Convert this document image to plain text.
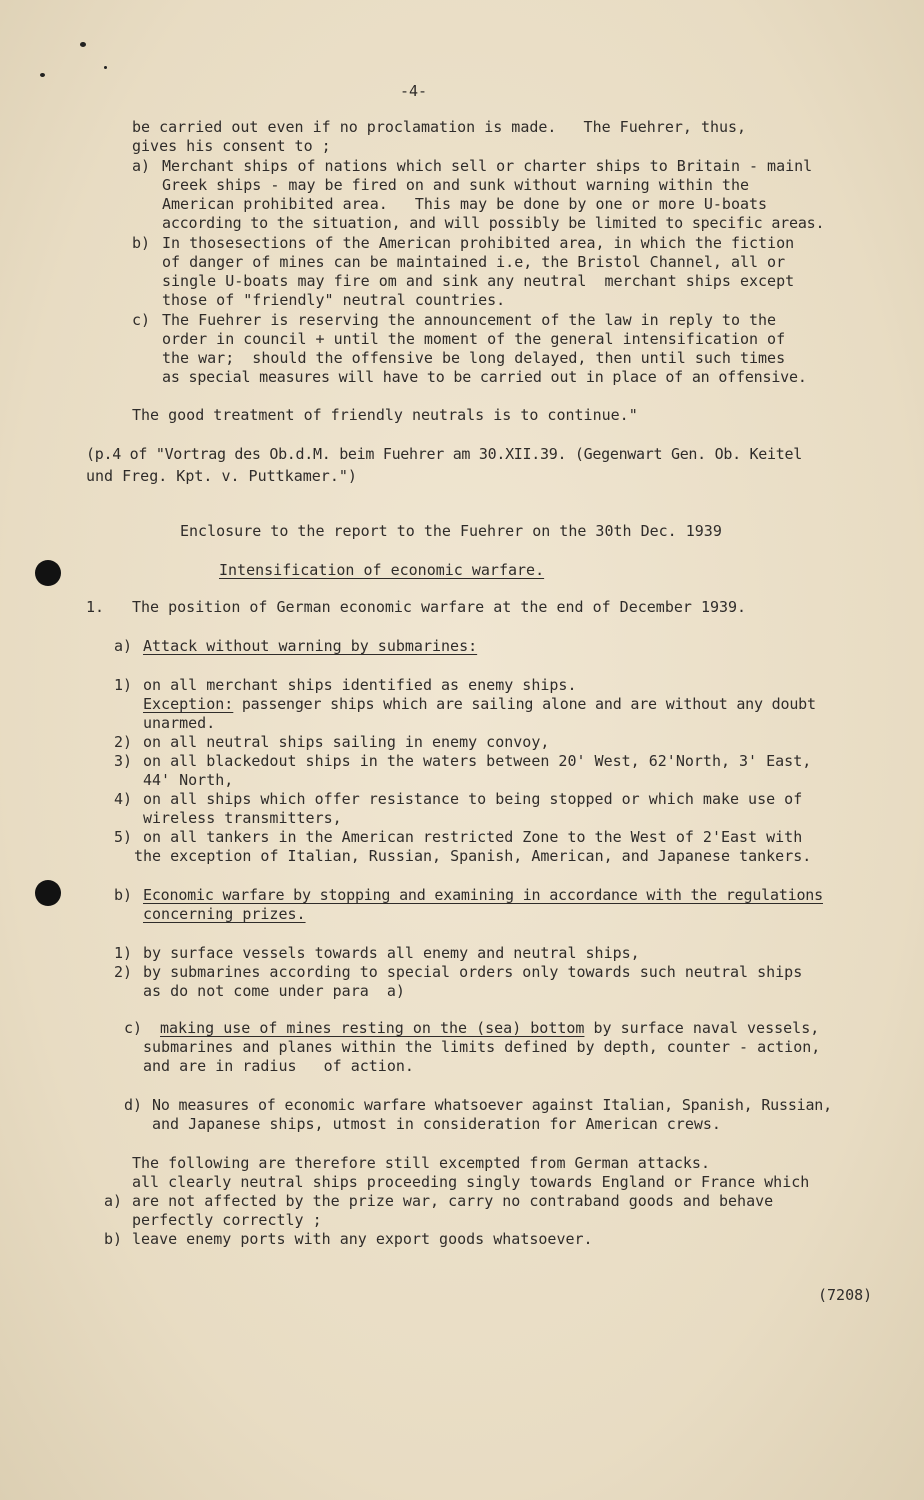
-4-
be carried out even if no proclamation is made.   The Fuehrer, thus,
gives his consent to ;
a) Merchant ships of nations which sell or charter ships to Britain - mainl
Greek ships - may be fired on and sunk without warning within the
American prohibited area.   This may be done by one or more U-boats
according to the situation, and will possibly be limited to specific areas.
b) In thosesections of the American prohibited area, in which the fiction
of danger of mines can be maintained i.e, the Bristol Channel, all or
single U-boats may fire om and sink any neutral  merchant ships except
those of "friendly" neutral countries.
c) The Fuehrer is reserving the announcement of the law in reply to the
order in council + until the moment of the general intensification of
the war;  should the offensive be long delayed, then until such times
as special measures will have to be carried out in place of an offensive.
The good treatment of friendly neutrals is to continue."
(p.4 of "Vortrag des Ob.d.M. beim Fuehrer am 30.XII.39. (Gegenwart Gen. Ob. Keitel
und Freg. Kpt. v. Puttkamer.")
Enclosure to the report to the Fuehrer on the 30th Dec. 1939
Intensification of economic warfare.
1. The position of German economic warfare at the end of December 1939.
a) Attack without warning by submarines:
1) on all merchant ships identified as enemy ships.
Exception: passenger ships which are sailing alone and are without any doubt
unarmed.
2) on all neutral ships sailing in enemy convoy,
3) on all blackedout ships in the waters between 20' West, 62'North, 3' East,
44' North,
4) on all ships which offer resistance to being stopped or which make use of
wireless transmitters,
5) on all tankers in the American restricted Zone to the West of 2'East with
the exception of Italian, Russian, Spanish, American, and Japanese tankers.
b) Economic warfare by stopping and examining in accordance with the regulations
concerning prizes.
1) by surface vessels towards all enemy and neutral ships,
2) by submarines according to special orders only towards such neutral ships
as do not come under para  a)
c) making use of mines resting on the (sea) bottom by surface naval vessels,
submarines and planes within the limits defined by depth, counter - action,
and are in radius   of action.
d) No measures of economic warfare whatsoever against Italian, Spanish, Russian,
and Japanese ships, utmost in consideration for American crews.
The following are therefore still excempted from German attacks.
all clearly neutral ships proceeding singly towards England or France which
a) are not affected by the prize war, carry no contraband goods and behave
perfectly correctly ;
b) leave enemy ports with any export goods whatsoever.
(7208)
